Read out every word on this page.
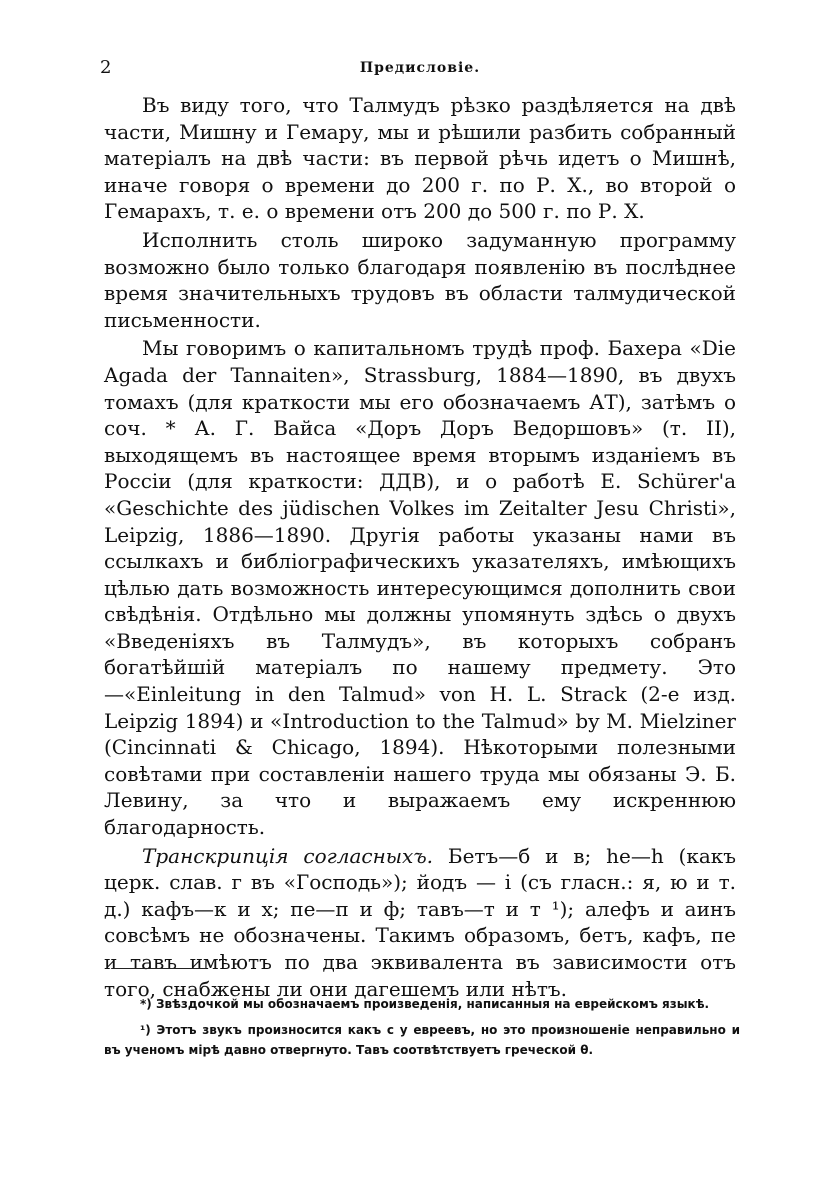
2	Предисловіе.

Въ виду того, что Талмудъ рѣзко раздѣляется на двѣ части, Мишну и Гемару, мы и рѣшили разбить собранный матеріалъ на двѣ части: въ первой рѣчь идетъ о Мишнѣ, иначе говоря о времени до 200 г. по Р. Х., во второй о Гемарахъ, т. е. о времени отъ 200 до 500 г. по Р. Х.

Исполнить столь широко задуманную программу возможно было только благодаря появленію въ послѣднее время значительныхъ трудовъ въ области талмудической письменности.

Мы говоримъ о капитальномъ трудѣ проф. Бахера «Die Agada der Tannaiten», Strassburg, 1884—1890, въ двухъ томахъ (для краткости мы его обозначаемъ АТ), затѣмъ о соч. * А. Г. Вайса «Доръ Доръ Ведоршовъ» (т. II), выходящемъ въ настоящее время вторымъ изданіемъ въ Россіи (для краткости: ДДВ), и о работѣ E. Schürer'a «Geschichte des jüdischen Volkes im Zeitalter Jesu Christi», Leipzig, 1886—1890. Другія работы указаны нами въ ссылкахъ и библіографическихъ указателяхъ, имѣющихъ цѣлью дать возможность интересующимся дополнить свои свѣдѣнія. Отдѣльно мы должны упомянуть здѣсь о двухъ «Введеніяхъ въ Талмудъ», въ которыхъ собранъ богатѣйшій матеріалъ по нашему предмету. Это—«Einleitung in den Talmud» von H. L. Strack (2-е изд. Leipzig 1894) и «Introduction to the Talmud» by M. Mielziner (Cincinnati & Chicago, 1894). Нѣкоторыми полезными совѣтами при составленіи нашего труда мы обязаны Э. Б. Левину, за что и выражаемъ ему искреннюю благодарность.

Транскрипція согласныхъ. Бетъ—б и в; he—h (какъ церк. слав. г въ «Господь»); йодъ — і (съ гласн.: я, ю и т. д.) кафъ—к и х; пе—п и ф; тавъ—т и т ¹); алефъ и аинъ совсѣмъ не обозначены. Такимъ образомъ, бетъ, кафъ, пе и тавъ имѣютъ по два эквивалента въ зависимости отъ того, снабжены ли они дагешемъ или нѣтъ.

*) Звѣздочкой мы обозначаемъ произведенія, написанныя на еврейскомъ языкѣ.

¹) Этотъ звукъ произносится какъ с у евреевъ, но это произношеніе неправильно и въ ученомъ мірѣ давно отвергнуто. Тавъ соотвѣтствуетъ греческой θ.
